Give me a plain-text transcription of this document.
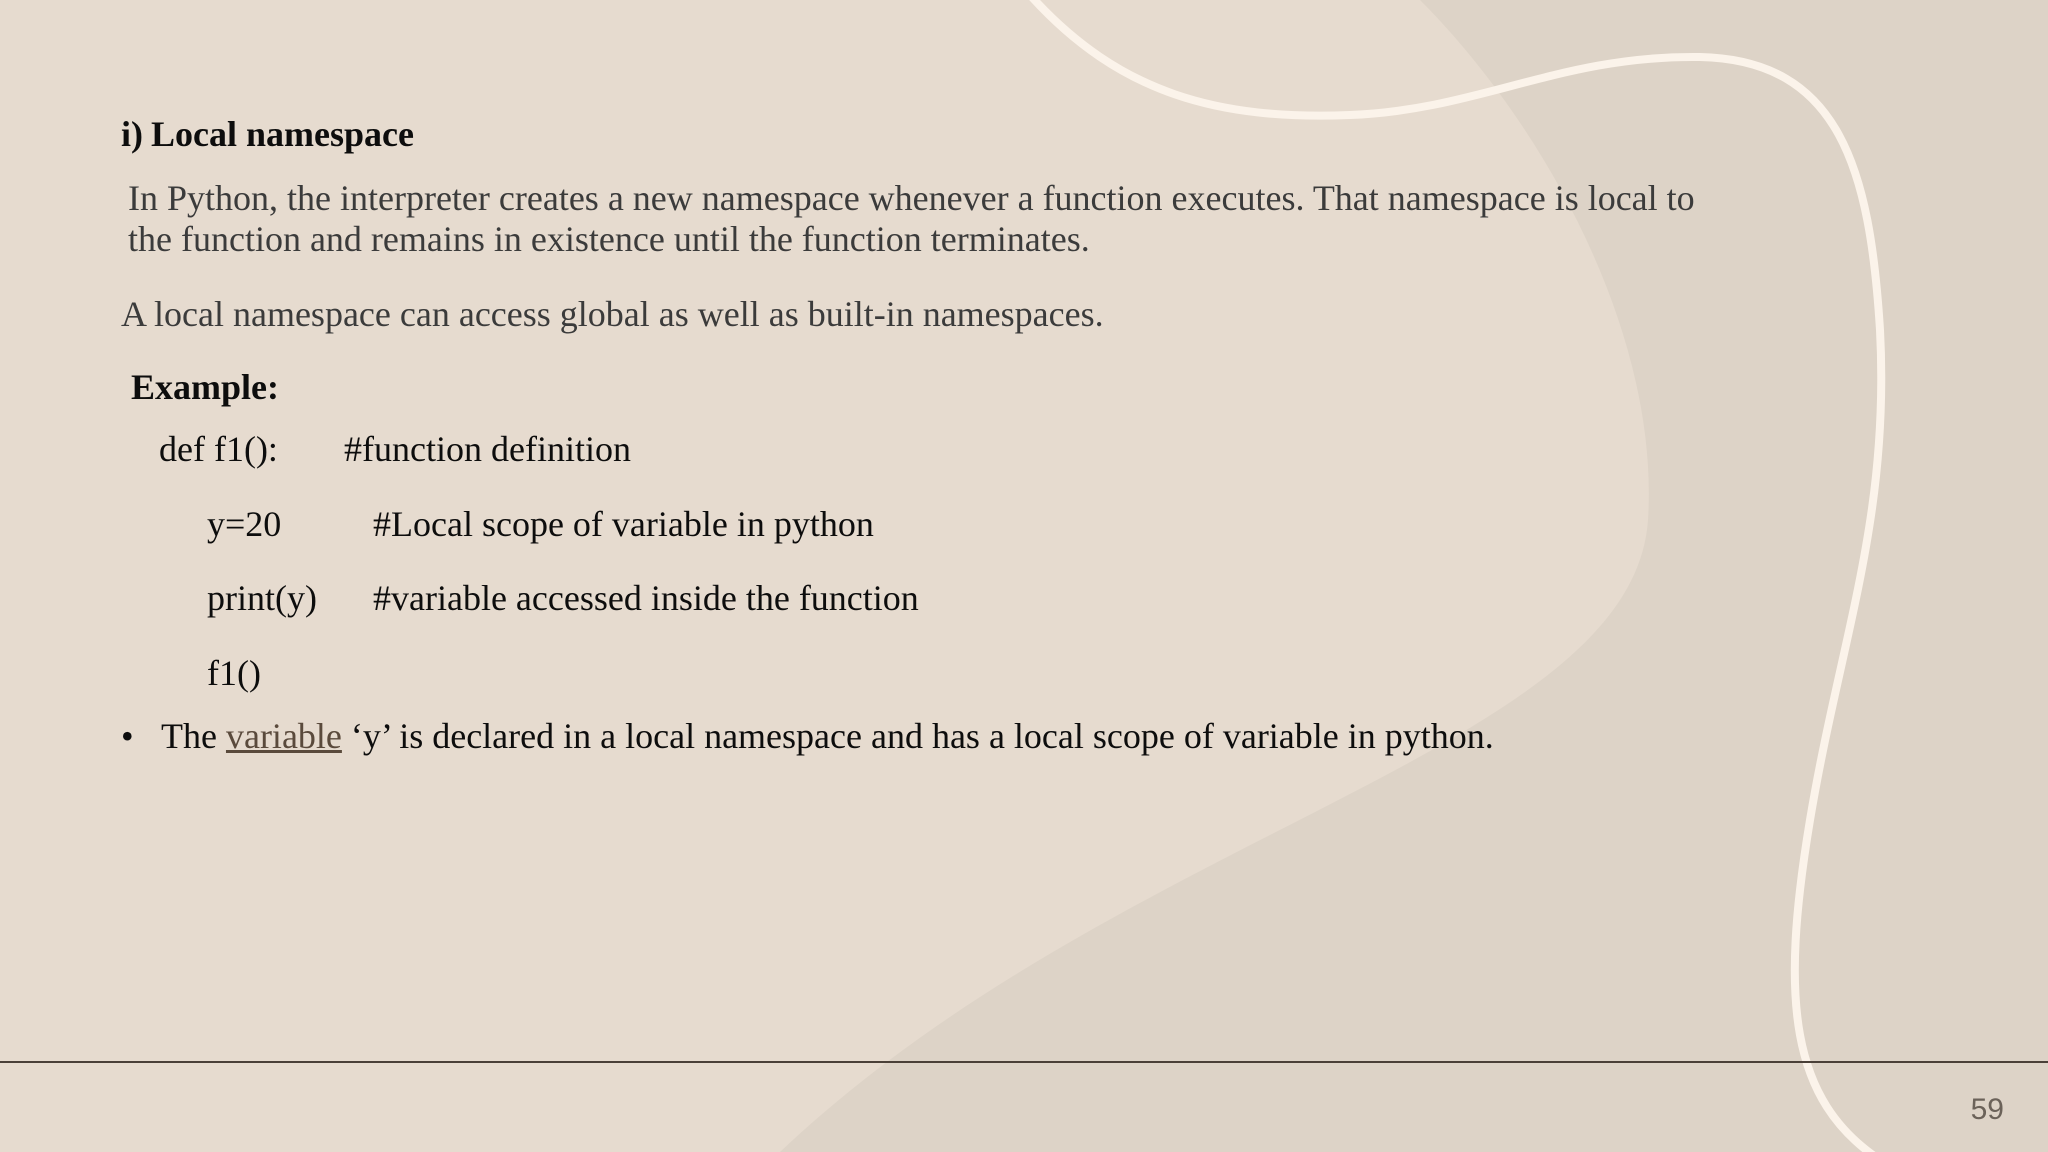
i) Local namespace
In Python, the interpreter creates a new namespace whenever a function executes. That namespace is local to
the function and remains in existence until the function terminates.
A local namespace can access global as well as built-in namespaces.
Example:
def f1(): #function definition
y=20	#Local scope of variable in python
print(y) #variable accessed inside the function
f1()
• The variable ‘y’ is declared in a local namespace and has a local scope of variable in python.
59
